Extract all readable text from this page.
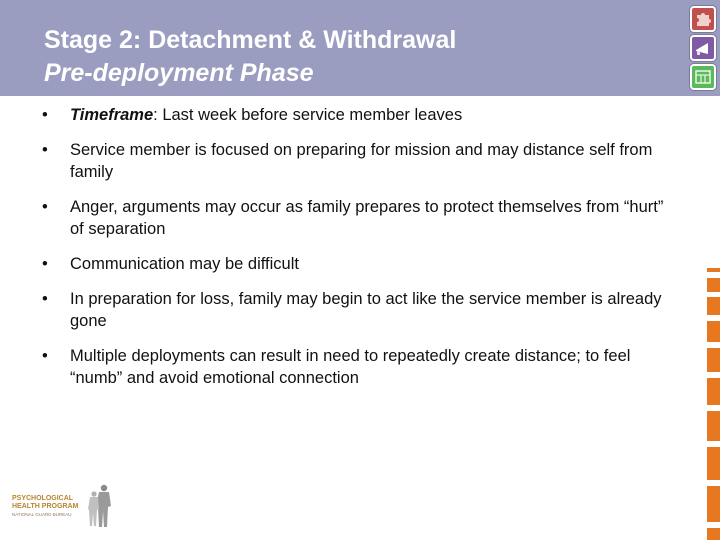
Stage 2: Detachment & Withdrawal
Pre-deployment Phase
• Timeframe: Last week before service member leaves
• Service member is focused on preparing for mission and may distance self from family
• Anger, arguments may occur as family prepares to protect themselves from “hurt” of separation
• Communication may be difficult
• In preparation for loss, family may begin to act like the service member is already gone
• Multiple deployments can result in need to repeatedly create distance; to feel “numb” and avoid emotional connection
PSYCHOLOGICAL
HEALTH PROGRAM
NATIONAL GUARD BUREAU
